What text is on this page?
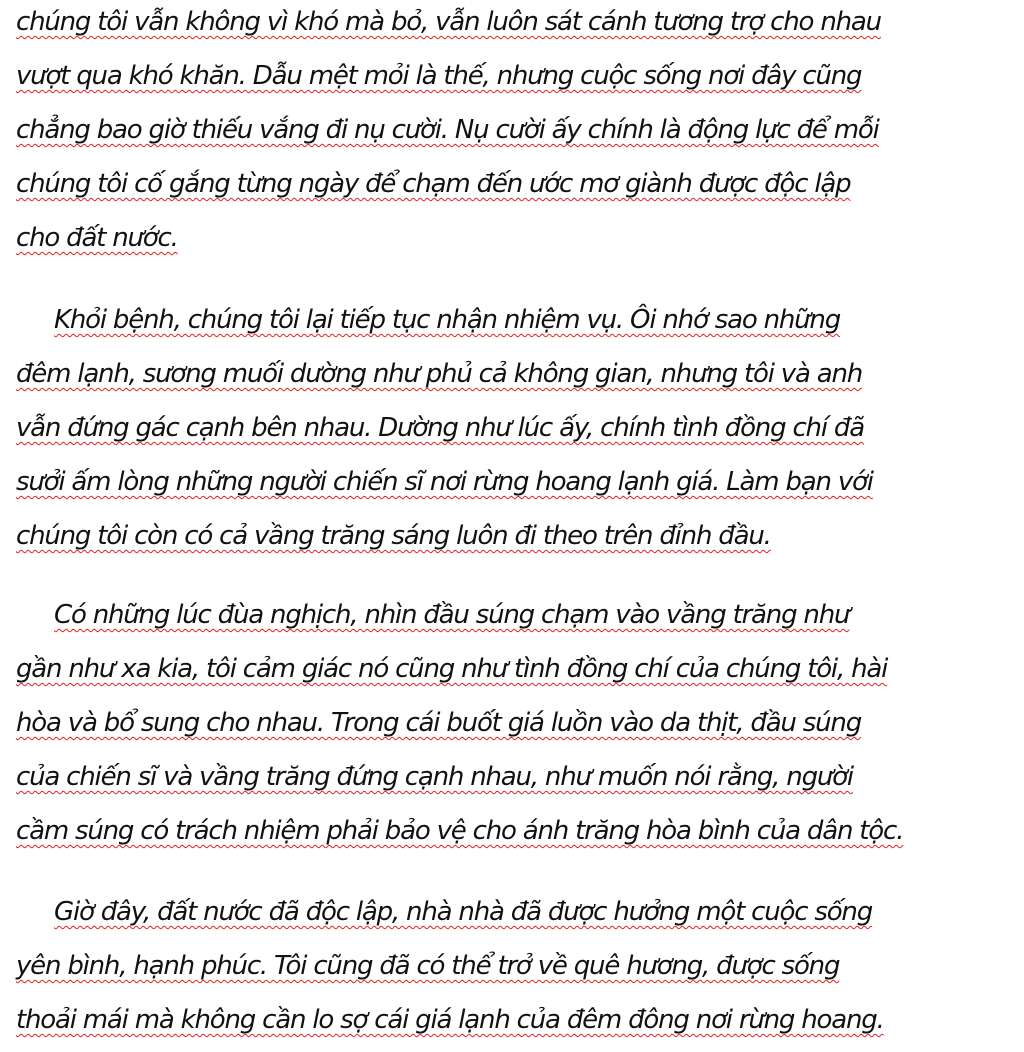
chúng tôi vẫn không vì khó mà bỏ, vẫn luôn sát cánh tương trợ cho nhau
vượt qua khó khăn. Dẫu mệt mỏi là thế, nhưng cuộc sống nơi đây cũng
chẳng bao giờ thiếu vắng đi nụ cười. Nụ cười ấy chính là động lực để mỗi
chúng tôi cố gắng từng ngày để chạm đến ước mơ giành được độc lập
cho đất nước.
Khỏi bệnh, chúng tôi lại tiếp tục nhận nhiệm vụ. Ôi nhớ sao những
đêm lạnh, sương muối dường như phủ cả không gian, nhưng tôi và anh
vẫn đứng gác cạnh bên nhau. Dường như lúc ấy, chính tình đồng chí đã
sưởi ấm lòng những người chiến sĩ nơi rừng hoang lạnh giá. Làm bạn với
chúng tôi còn có cả vầng trăng sáng luôn đi theo trên đỉnh đầu.
Có những lúc đùa nghịch, nhìn đầu súng chạm vào vầng trăng như
gần như xa kia, tôi cảm giác nó cũng như tình đồng chí của chúng tôi, hài
hòa và bổ sung cho nhau. Trong cái buốt giá luồn vào da thịt, đầu súng
của chiến sĩ và vầng trăng đứng cạnh nhau, như muốn nói rằng, người
cầm súng có trách nhiệm phải bảo vệ cho ánh trăng hòa bình của dân tộc.
Giờ đây, đất nước đã độc lập, nhà nhà đã được hưởng một cuộc sống
yên bình, hạnh phúc. Tôi cũng đã có thể trở về quê hương, được sống
thoải mái mà không cần lo sợ cái giá lạnh của đêm đông nơi rừng hoang.
